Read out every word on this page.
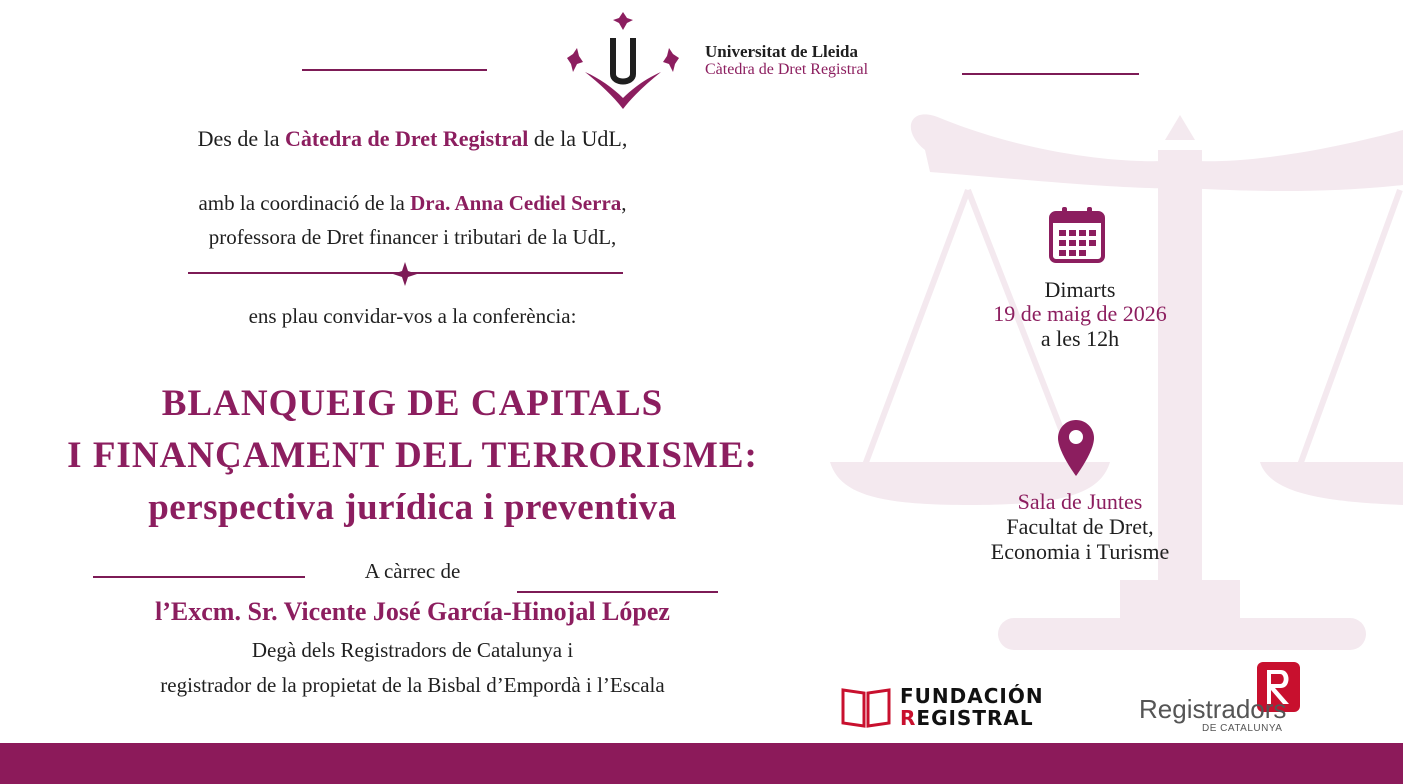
Universitat de Lleida
Càtedra de Dret Registral
Des de la Càtedra de Dret Registral de la UdL,
amb la coordinació de la Dra. Anna Cediel Serra,
professora de Dret financer i tributari de la UdL,
ens plau convidar-vos a la conferència:
BLANQUEIG DE CAPITALS
I FINANÇAMENT DEL TERRORISME:
perspectiva jurídica i preventiva
A càrrec de
l’Excm. Sr. Vicente José García-Hinojal López
Degà dels Registradors de Catalunya i
registrador de la propietat de la Bisbal d’Empordà i l’Escala
Dimarts
19 de maig de 2026
a les 12h
Sala de Juntes
Facultat de Dret,
Economia i Turisme
FUNDACIÓN
REGISTRAL	Registradors
DE CATALUNYA
